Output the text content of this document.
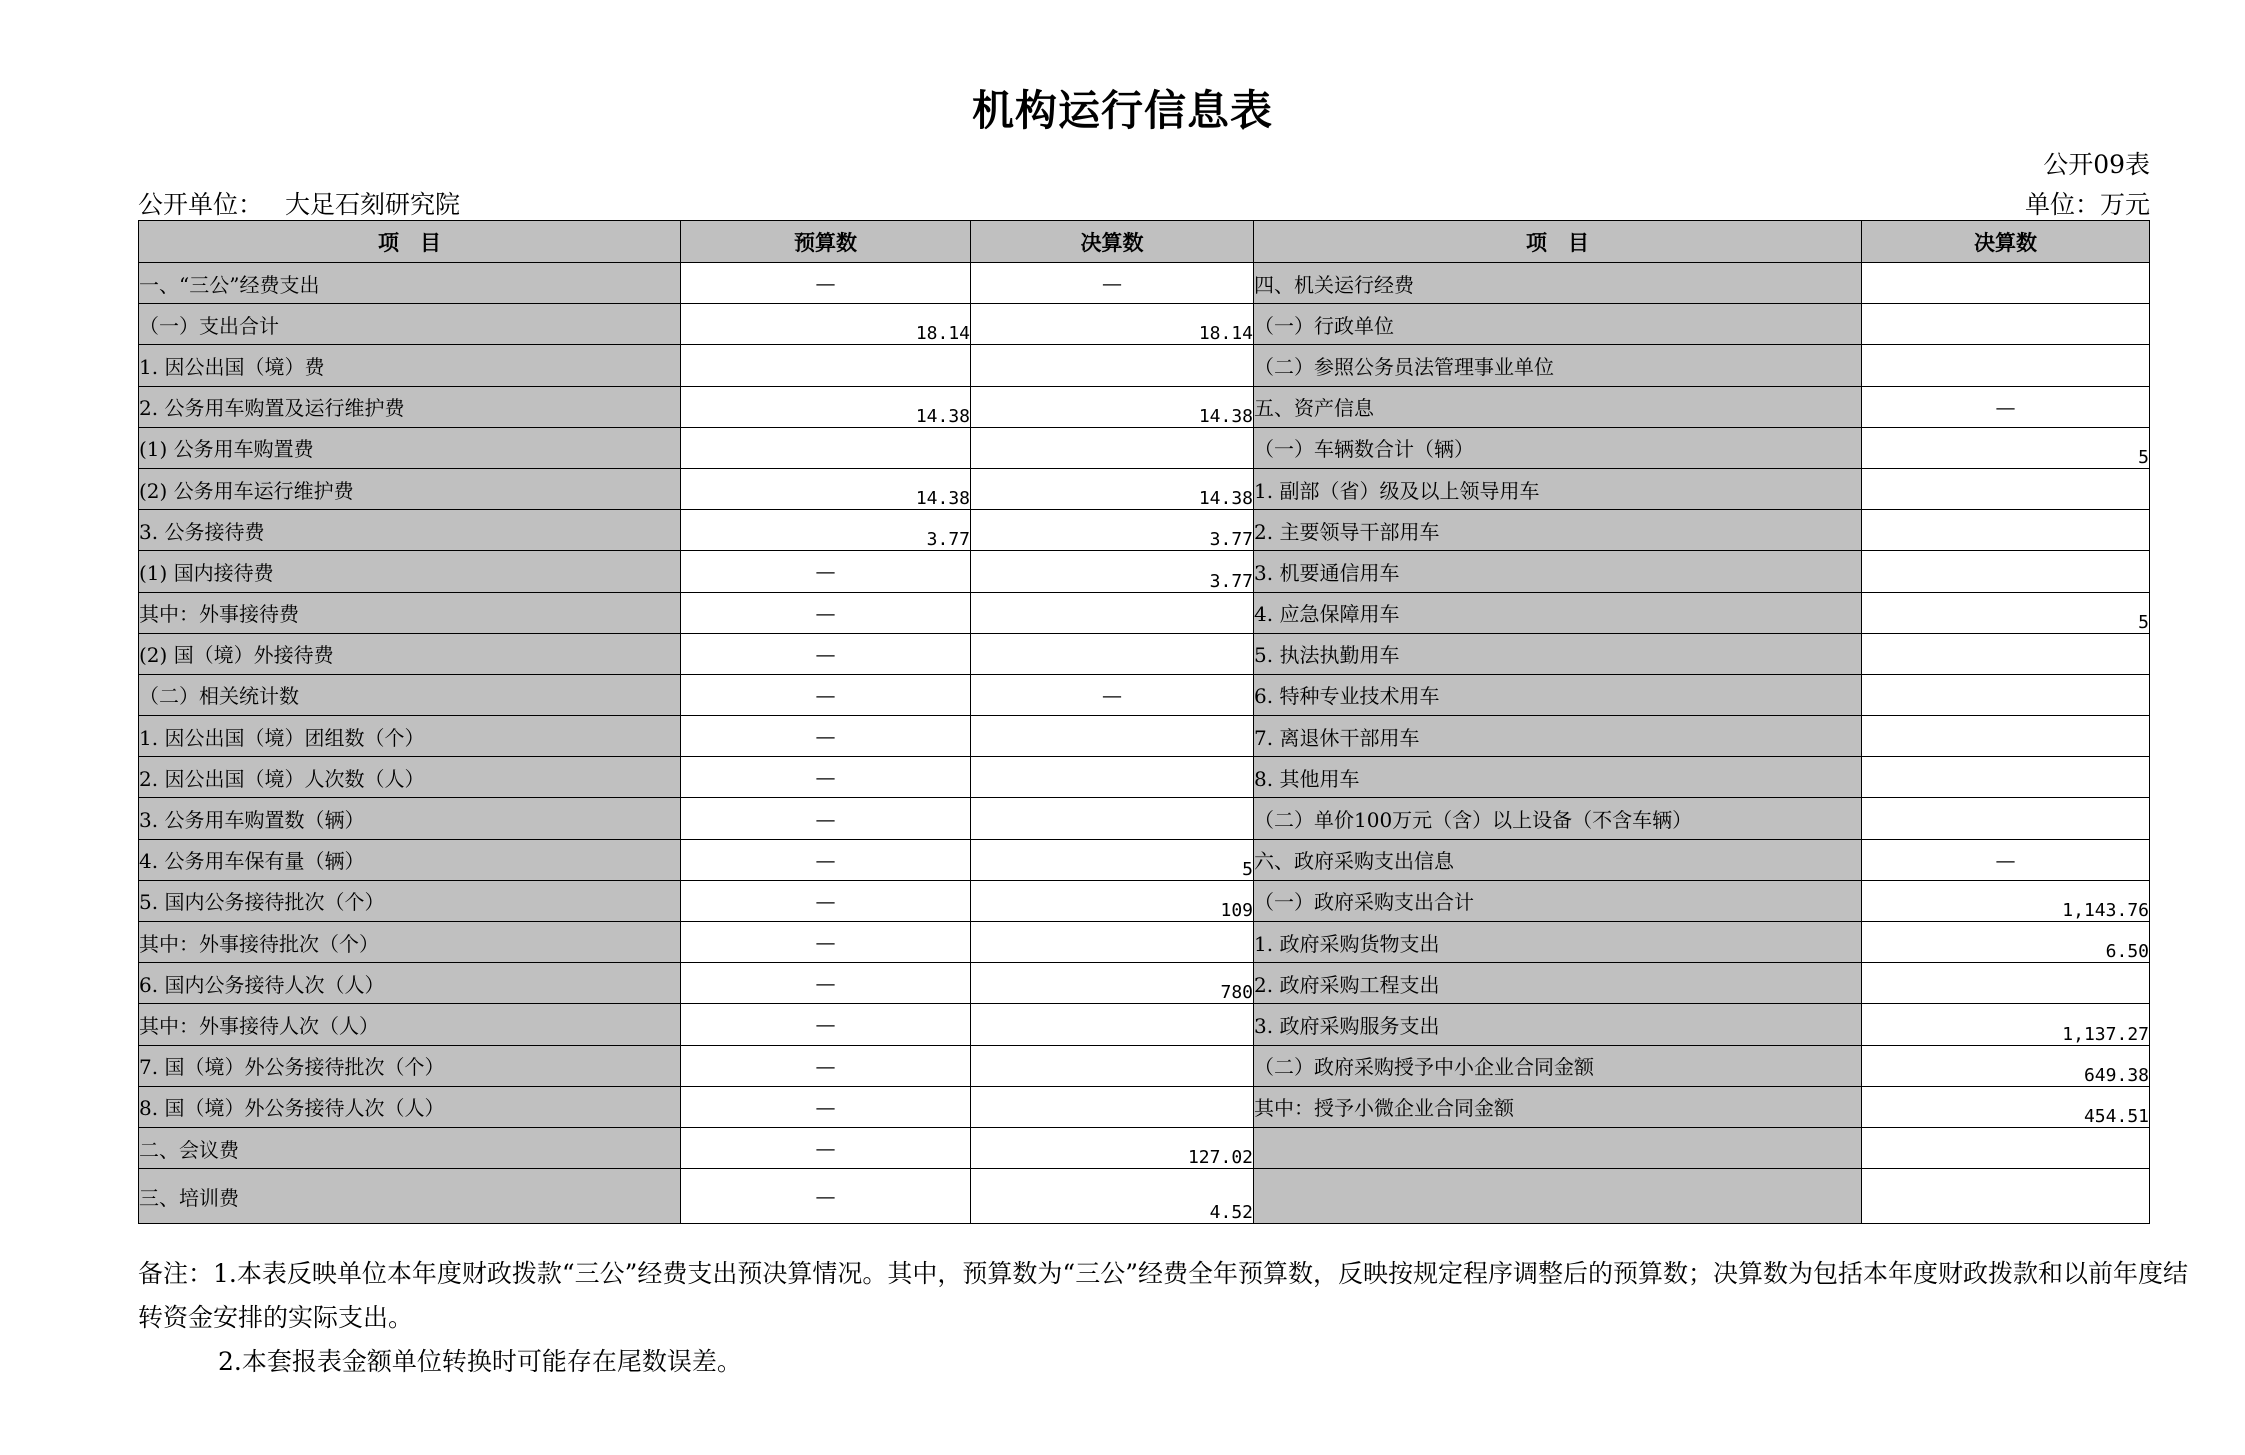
机构运行信息表
公开09表
公开单位： 大足石刻研究院	单位：万元
项　目	预算数	决算数	项　目	决算数
一、“三公”经费支出	—	—	四、机关运行经费	
（一）支出合计	18.14	18.14	（一）行政单位	
1. 因公出国（境）费			（二）参照公务员法管理事业单位	
2. 公务用车购置及运行维护费	14.38	14.38	五、资产信息	—
(1) 公务用车购置费			（一）车辆数合计（辆）	5
(2) 公务用车运行维护费	14.38	14.38	1. 副部（省）级及以上领导用车	
3. 公务接待费	3.77	3.77	2. 主要领导干部用车	
(1) 国内接待费	—	3.77	3. 机要通信用车	
其中：外事接待费	—		4. 应急保障用车	5
(2) 国（境）外接待费	—		5. 执法执勤用车	
（二）相关统计数	—	—	6. 特种专业技术用车	
1. 因公出国（境）团组数（个）	—		7. 离退休干部用车	
2. 因公出国（境）人次数（人）	—		8. 其他用车	
3. 公务用车购置数（辆）	—		（二）单价100万元（含）以上设备（不含车辆）	
4. 公务用车保有量（辆）	—	5	六、政府采购支出信息	—
5. 国内公务接待批次（个）	—	109	（一）政府采购支出合计	1,143.76
其中：外事接待批次（个）	—		1. 政府采购货物支出	6.50
6. 国内公务接待人次（人）	—	780	2. 政府采购工程支出	
其中：外事接待人次（人）	—		3. 政府采购服务支出	1,137.27
7. 国（境）外公务接待批次（个）	—		（二）政府采购授予中小企业合同金额	649.38
8. 国（境）外公务接待人次（人）	—		其中：授予小微企业合同金额	454.51
二、会议费	—	127.02		
三、培训费	—	4.52		
备注：1.本表反映单位本年度财政拨款“三公”经费支出预决算情况。其中，预算数为“三公”经费全年预算数，反映按规定程序调整后的预算数；决算数为包括本年度财政拨款和以前年度结转资金安排的实际支出。
2.本套报表金额单位转换时可能存在尾数误差。
